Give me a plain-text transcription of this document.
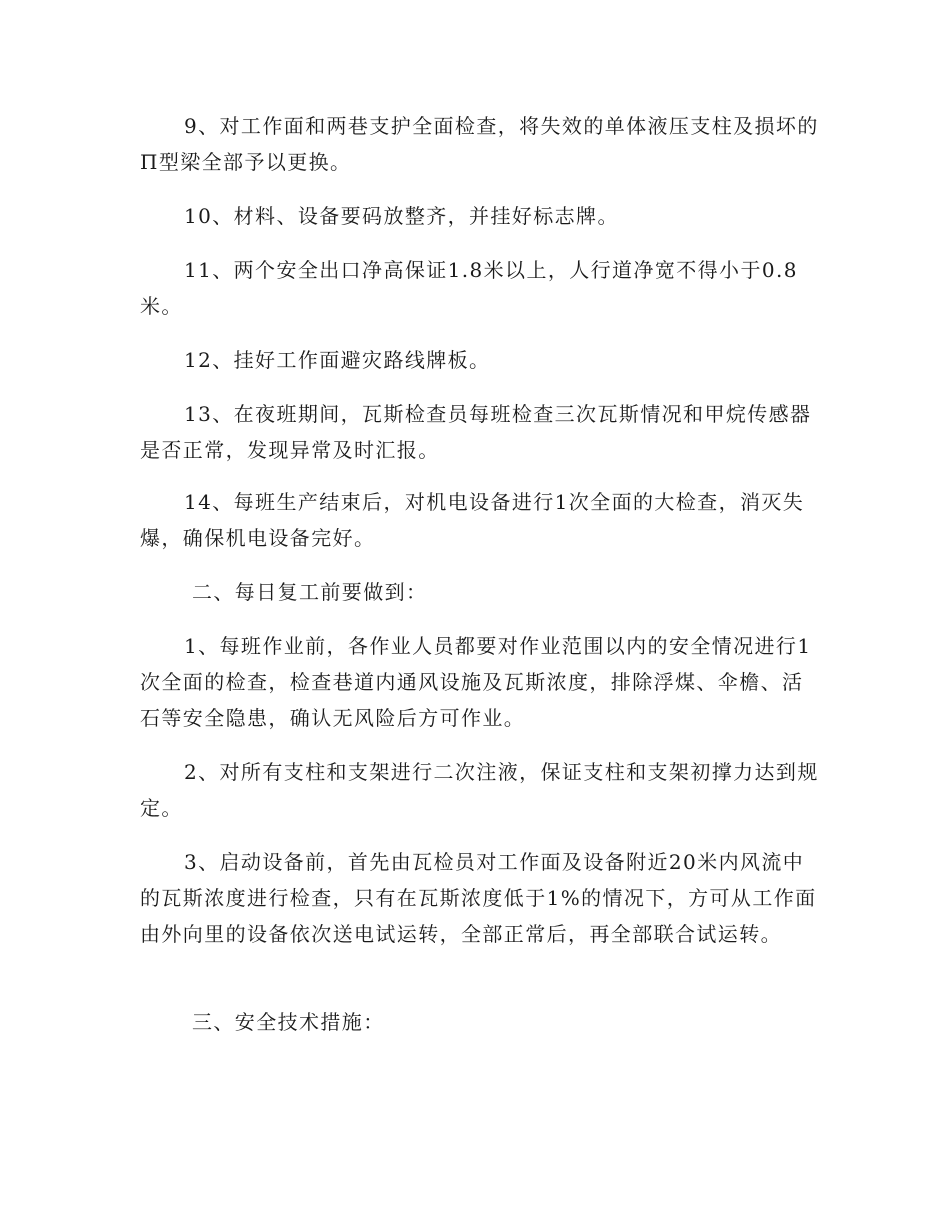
9、对工作面和两巷支护全面检查，将失效的单体液压支柱及损坏的Π型梁全部予以更换。

10、材料、设备要码放整齐，并挂好标志牌。

11、两个安全出口净高保证1.8米以上，人行道净宽不得小于0.8米。

12、挂好工作面避灾路线牌板。

13、在夜班期间，瓦斯检查员每班检查三次瓦斯情况和甲烷传感器是否正常，发现异常及时汇报。

14、每班生产结束后，对机电设备进行1次全面的大检查，消灭失爆，确保机电设备完好。

二、每日复工前要做到：

1、每班作业前，各作业人员都要对作业范围以内的安全情况进行1次全面的检查，检查巷道内通风设施及瓦斯浓度，排除浮煤、伞檐、活石等安全隐患，确认无风险后方可作业。

2、对所有支柱和支架进行二次注液，保证支柱和支架初撑力达到规定。

3、启动设备前，首先由瓦检员对工作面及设备附近20米内风流中的瓦斯浓度进行检查，只有在瓦斯浓度低于1%的情况下，方可从工作面由外向里的设备依次送电试运转，全部正常后，再全部联合试运转。

三、安全技术措施：
